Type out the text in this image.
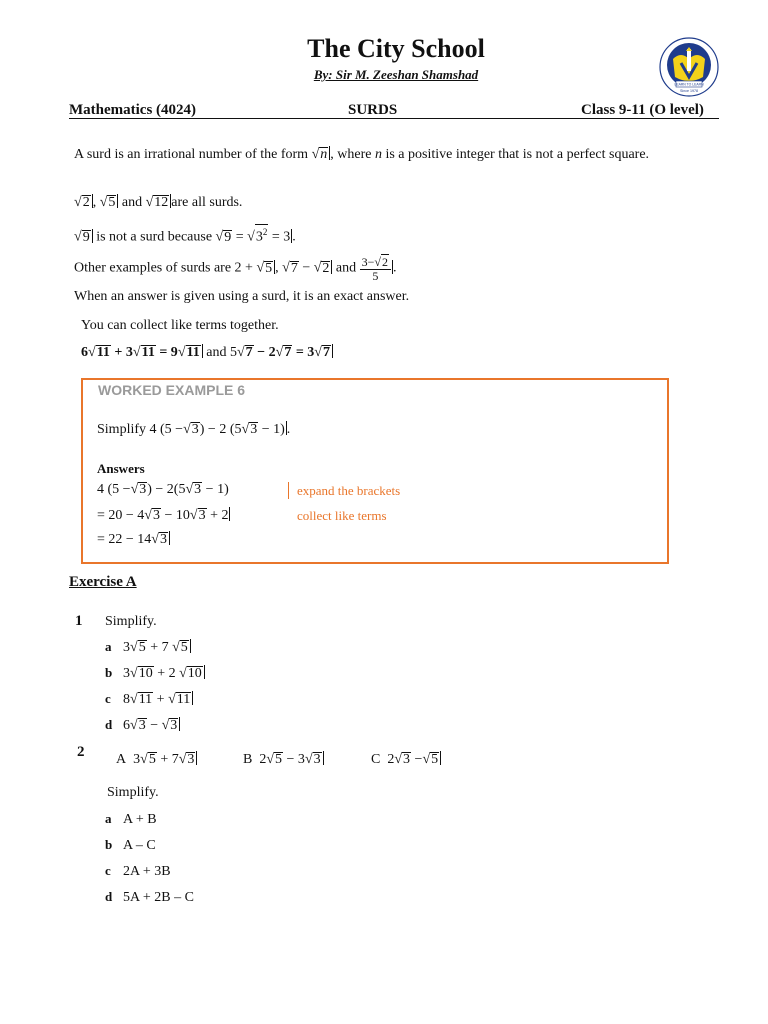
The City School
By: Sir M. Zeeshan Shamshad
LEARN TO LEARN
Since 1978
Mathematics (4024)	SURDS	Class 9-11 (O level)
A surd is an irrational number of the form √n , where n is a positive integer that is not a perfect square.
√2 , √5 and √12 are all surds.
√9 is not a surd because $√9 = √3^2 = 3$ .
Other examples of surds are 2 + √5 , √7 − √2 and $\frac{3-√2}{5}$ .
When an answer is given using a surd, it is an exact answer.
You can collect like terms together.
6√11 + 3√11 = 9√11 and 5√7 − 2√7 = 3√7
WORKED EXAMPLE 6
Simplify 4 (5 −√3) − 2 (5√3 − 1) .
Answers
4 (5 −√3) − 2(5√3 − 1)	expand the brackets
= 20 − 4√3 − 10√3 + 2	collect like terms
= 22 − 14√3
Exercise A
1 Simplify.
a 3√5 + 7 √5
b 3√10 + 2 √10
c 8√11 + √11
d 6√3 − √3
2 A 3√5 + 7√3	B 2√5 − 3√3	C 2√3 −√5
Simplify.
a A + B
b A – C
c 2A + 3B
d 5A + 2B – C
